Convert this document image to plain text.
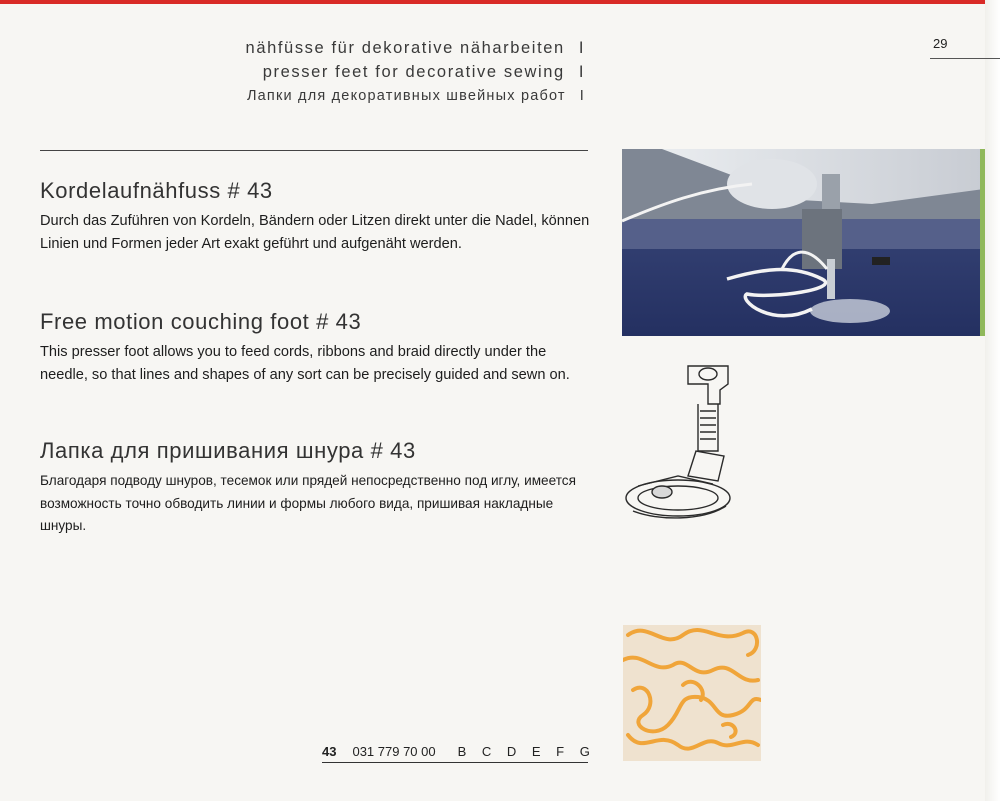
nähfüsse für dekorative näharbeiten I
presser feet for decorative sewing I
Лапки для декоративных швейных работ I
29
Kordelaufnähfuss # 43

Durch das Zuführen von Kordeln, Bändern oder Litzen direkt unter die Nadel, können Linien und Formen jeder Art exakt geführt und aufgenäht werden.

Free motion couching foot # 43

This presser foot allows you to feed cords, ribbons and braid directly under the needle, so that lines and shapes of any sort can be precisely guided and sewn on.

Лапка для пришивания шнура # 43

Благодаря подводу шнуров, тесемок или прядей непосредственно под иглу, имеется возможность точно обводить линии и формы любого вида, пришивая накладные шнуры.

43 031 779 70 00 B C D E F G
